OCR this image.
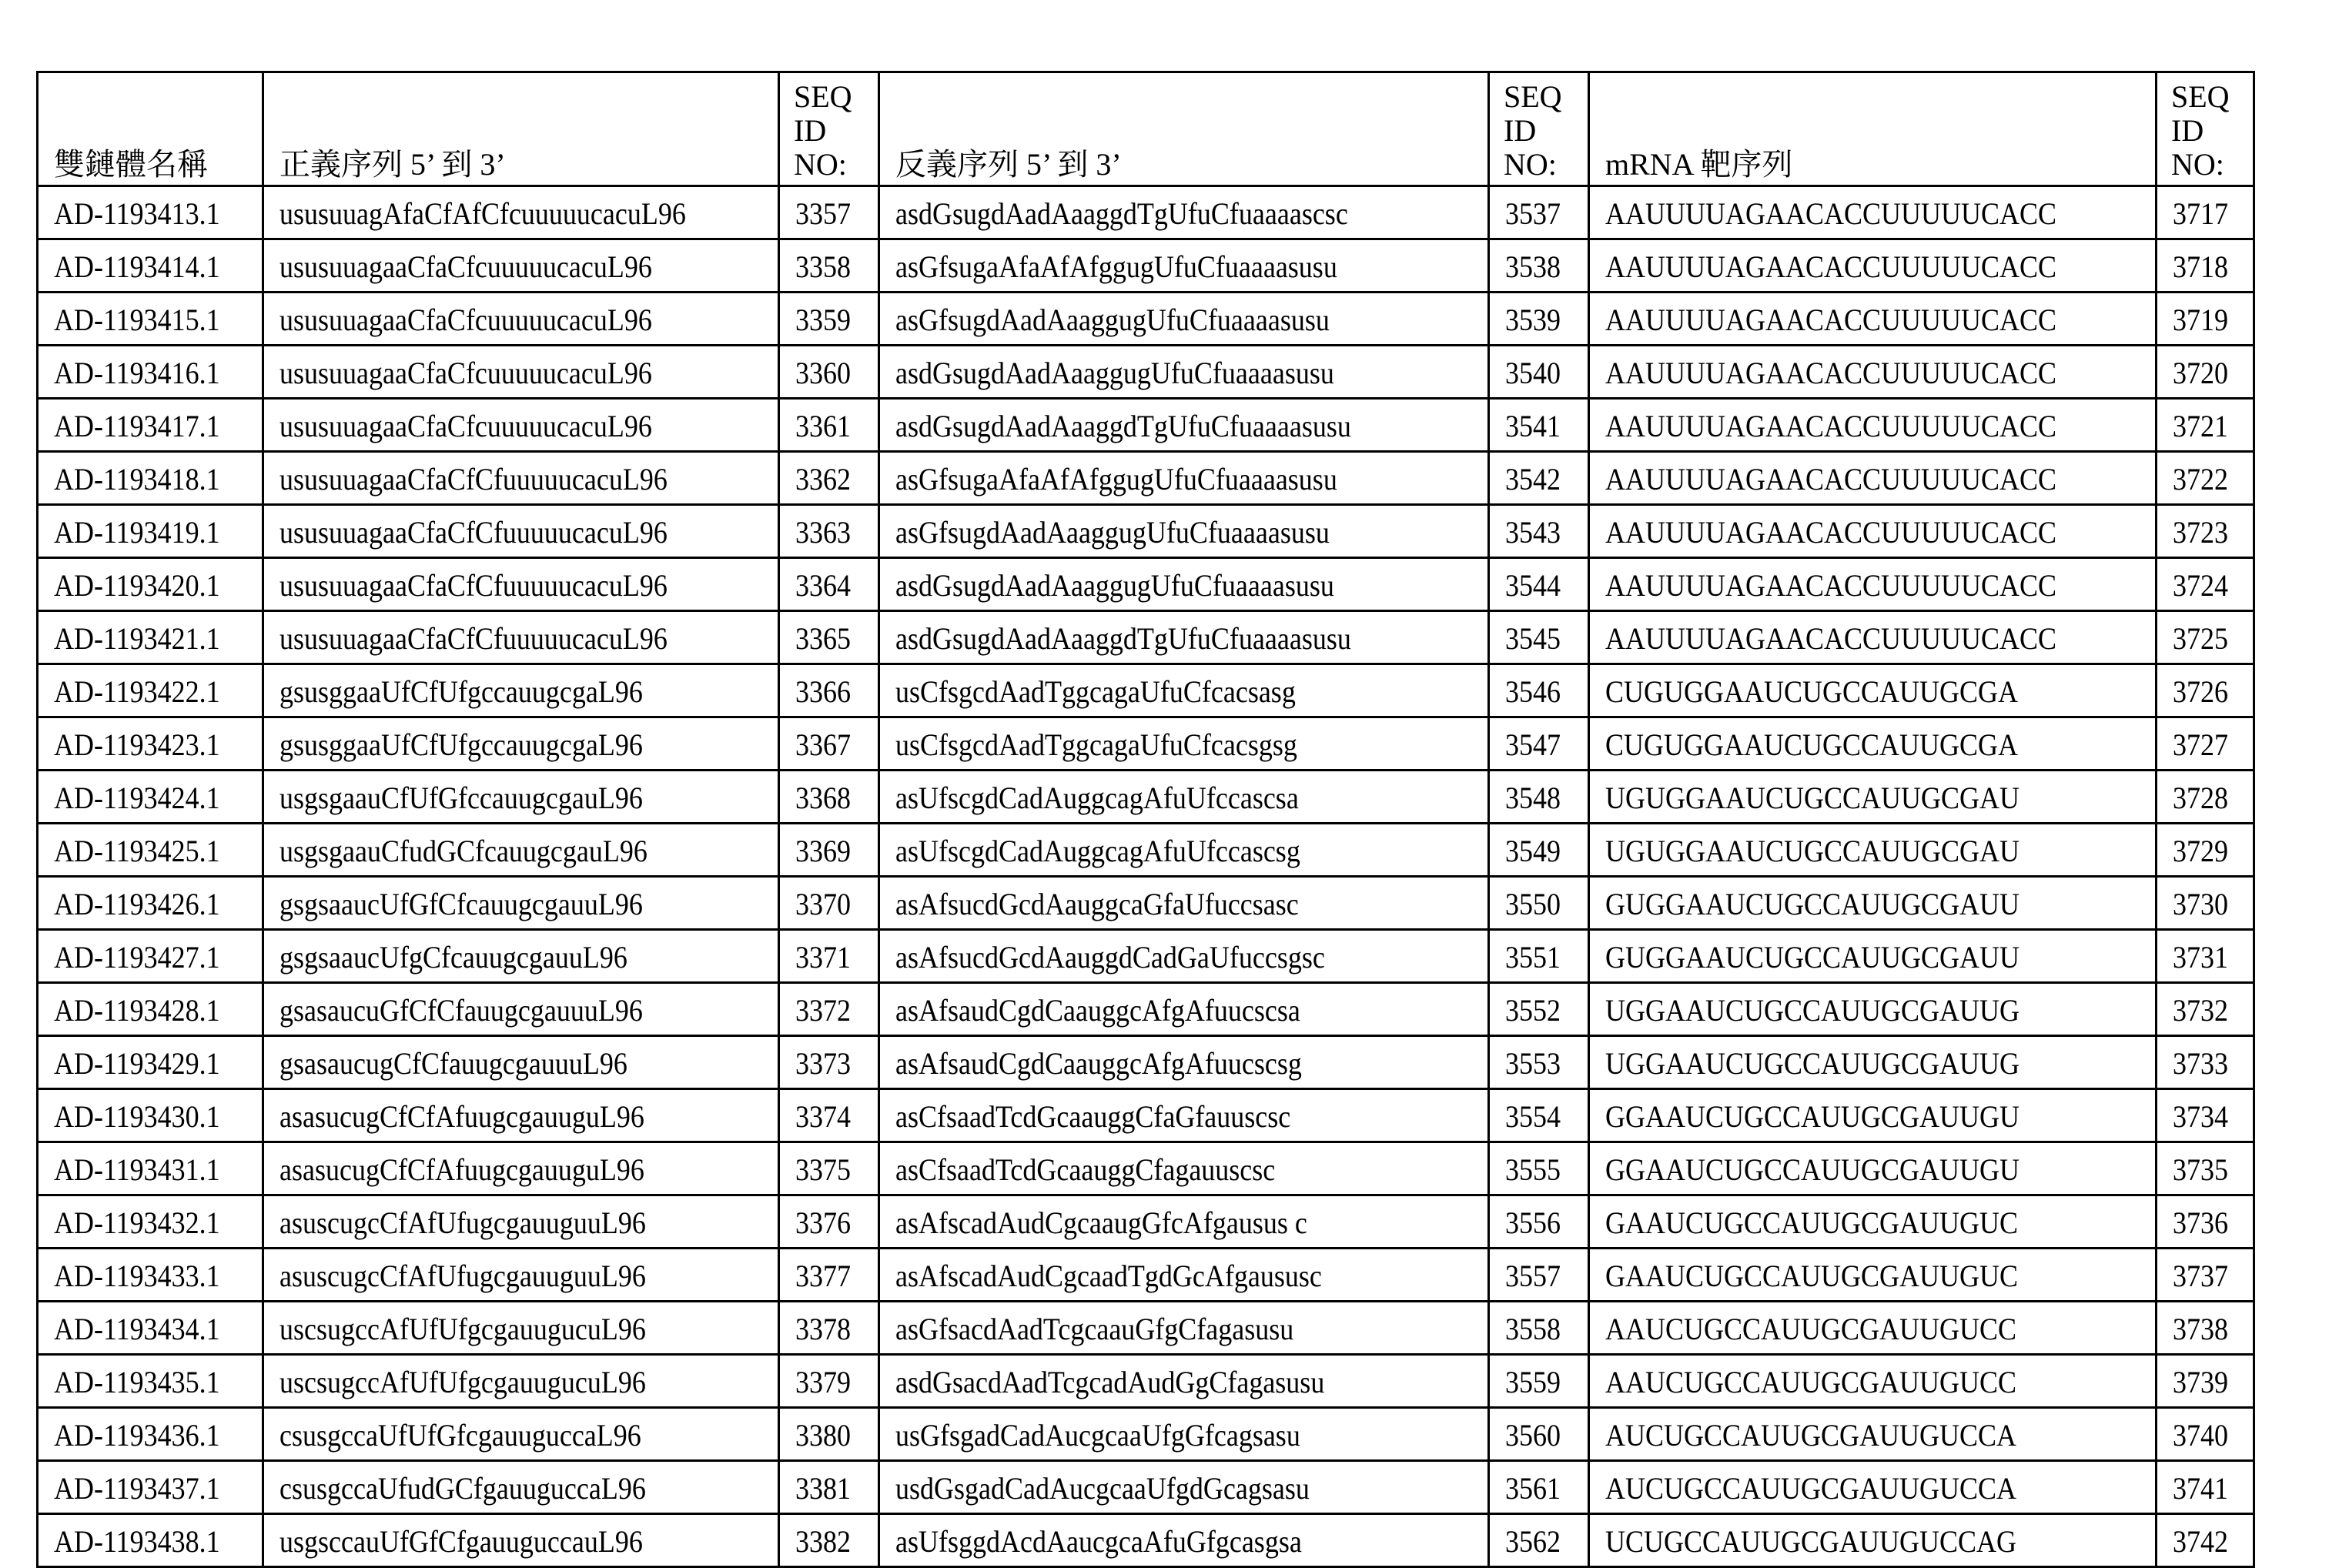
雙鏈體名稱	正義序列 5’ 到 3’	SEQ
ID
NO:	反義序列 5’ 到 3’	SEQ
ID
NO:	mRNA 靶序列	SEQ
ID
NO:

AD-1193413.1	ususuuagAfaCfAfCfcuuuuucacuL96	3357	asdGsugdAadAaaggdTgUfuCfuaaaascsc	3537	AAUUUUAGAACACCUUUUUCACC	3717
AD-1193414.1	ususuuagaaCfaCfcuuuuucacuL96	3358	asGfsugaAfaAfAfggugUfuCfuaaaasusu	3538	AAUUUUAGAACACCUUUUUCACC	3718
AD-1193415.1	ususuuagaaCfaCfcuuuuucacuL96	3359	asGfsugdAadAaaggugUfuCfuaaaasusu	3539	AAUUUUAGAACACCUUUUUCACC	3719
AD-1193416.1	ususuuagaaCfaCfcuuuuucacuL96	3360	asdGsugdAadAaaggugUfuCfuaaaasusu	3540	AAUUUUAGAACACCUUUUUCACC	3720
AD-1193417.1	ususuuagaaCfaCfcuuuuucacuL96	3361	asdGsugdAadAaaggdTgUfuCfuaaaasusu	3541	AAUUUUAGAACACCUUUUUCACC	3721
AD-1193418.1	ususuuagaaCfaCfCfuuuuucacuL96	3362	asGfsugaAfaAfAfggugUfuCfuaaaasusu	3542	AAUUUUAGAACACCUUUUUCACC	3722
AD-1193419.1	ususuuagaaCfaCfCfuuuuucacuL96	3363	asGfsugdAadAaaggugUfuCfuaaaasusu	3543	AAUUUUAGAACACCUUUUUCACC	3723
AD-1193420.1	ususuuagaaCfaCfCfuuuuucacuL96	3364	asdGsugdAadAaaggugUfuCfuaaaasusu	3544	AAUUUUAGAACACCUUUUUCACC	3724
AD-1193421.1	ususuuagaaCfaCfCfuuuuucacuL96	3365	asdGsugdAadAaaggdTgUfuCfuaaaasusu	3545	AAUUUUAGAACACCUUUUUCACC	3725
AD-1193422.1	gsusggaaUfCfUfgccauugcgaL96	3366	usCfsgcdAadTggcagaUfuCfcacsasg	3546	CUGUGGAAUCUGCCAUUGCGA	3726
AD-1193423.1	gsusggaaUfCfUfgccauugcgaL96	3367	usCfsgcdAadTggcagaUfuCfcacsgsg	3547	CUGUGGAAUCUGCCAUUGCGA	3727
AD-1193424.1	usgsgaauCfUfGfccauugcgauL96	3368	asUfscgdCadAuggcagAfuUfccascsa	3548	UGUGGAAUCUGCCAUUGCGAU	3728
AD-1193425.1	usgsgaauCfudGCfcauugcgauL96	3369	asUfscgdCadAuggcagAfuUfccascsg	3549	UGUGGAAUCUGCCAUUGCGAU	3729
AD-1193426.1	gsgsaaucUfGfCfcauugcgauuL96	3370	asAfsucdGcdAauggcaGfaUfuccsasc	3550	GUGGAAUCUGCCAUUGCGAUU	3730
AD-1193427.1	gsgsaaucUfgCfcauugcgauuL96	3371	asAfsucdGcdAauggdCadGaUfuccsgsc	3551	GUGGAAUCUGCCAUUGCGAUU	3731
AD-1193428.1	gsasaucuGfCfCfauugcgauuuL96	3372	asAfsaudCgdCaauggcAfgAfuucscsa	3552	UGGAAUCUGCCAUUGCGAUUG	3732
AD-1193429.1	gsasaucugCfCfauugcgauuuL96	3373	asAfsaudCgdCaauggcAfgAfuucscsg	3553	UGGAAUCUGCCAUUGCGAUUG	3733
AD-1193430.1	asasucugCfCfAfuugcgauuguL96	3374	asCfsaadTcdGcaauggCfaGfauuscsc	3554	GGAAUCUGCCAUUGCGAUUGU	3734
AD-1193431.1	asasucugCfCfAfuugcgauuguL96	3375	asCfsaadTcdGcaauggCfagauuscsc	3555	GGAAUCUGCCAUUGCGAUUGU	3735
AD-1193432.1	asuscugcCfAfUfugcgauuguuL96	3376	asAfscadAudCgcaaugGfcAfgausus c	3556	GAAUCUGCCAUUGCGAUUGUC	3736
AD-1193433.1	asuscugcCfAfUfugcgauuguuL96	3377	asAfscadAudCgcaadTgdGcAfgaususc	3557	GAAUCUGCCAUUGCGAUUGUC	3737
AD-1193434.1	uscsugccAfUfUfgcgauugucuL96	3378	asGfsacdAadTcgcaauGfgCfagasusu	3558	AAUCUGCCAUUGCGAUUGUCC	3738
AD-1193435.1	uscsugccAfUfUfgcgauugucuL96	3379	asdGsacdAadTcgcadAudGgCfagasusu	3559	AAUCUGCCAUUGCGAUUGUCC	3739
AD-1193436.1	csusgccaUfUfGfcgauuguccaL96	3380	usGfsgadCadAucgcaaUfgGfcagsasu	3560	AUCUGCCAUUGCGAUUGUCCA	3740
AD-1193437.1	csusgccaUfudGCfgauuguccaL96	3381	usdGsgadCadAucgcaaUfgdGcagsasu	3561	AUCUGCCAUUGCGAUUGUCCA	3741
AD-1193438.1	usgsccauUfGfCfgauuguccauL96	3382	asUfsggdAcdAaucgcaAfuGfgcasgsa	3562	UCUGCCAUUGCGAUUGUCCAG	3742
